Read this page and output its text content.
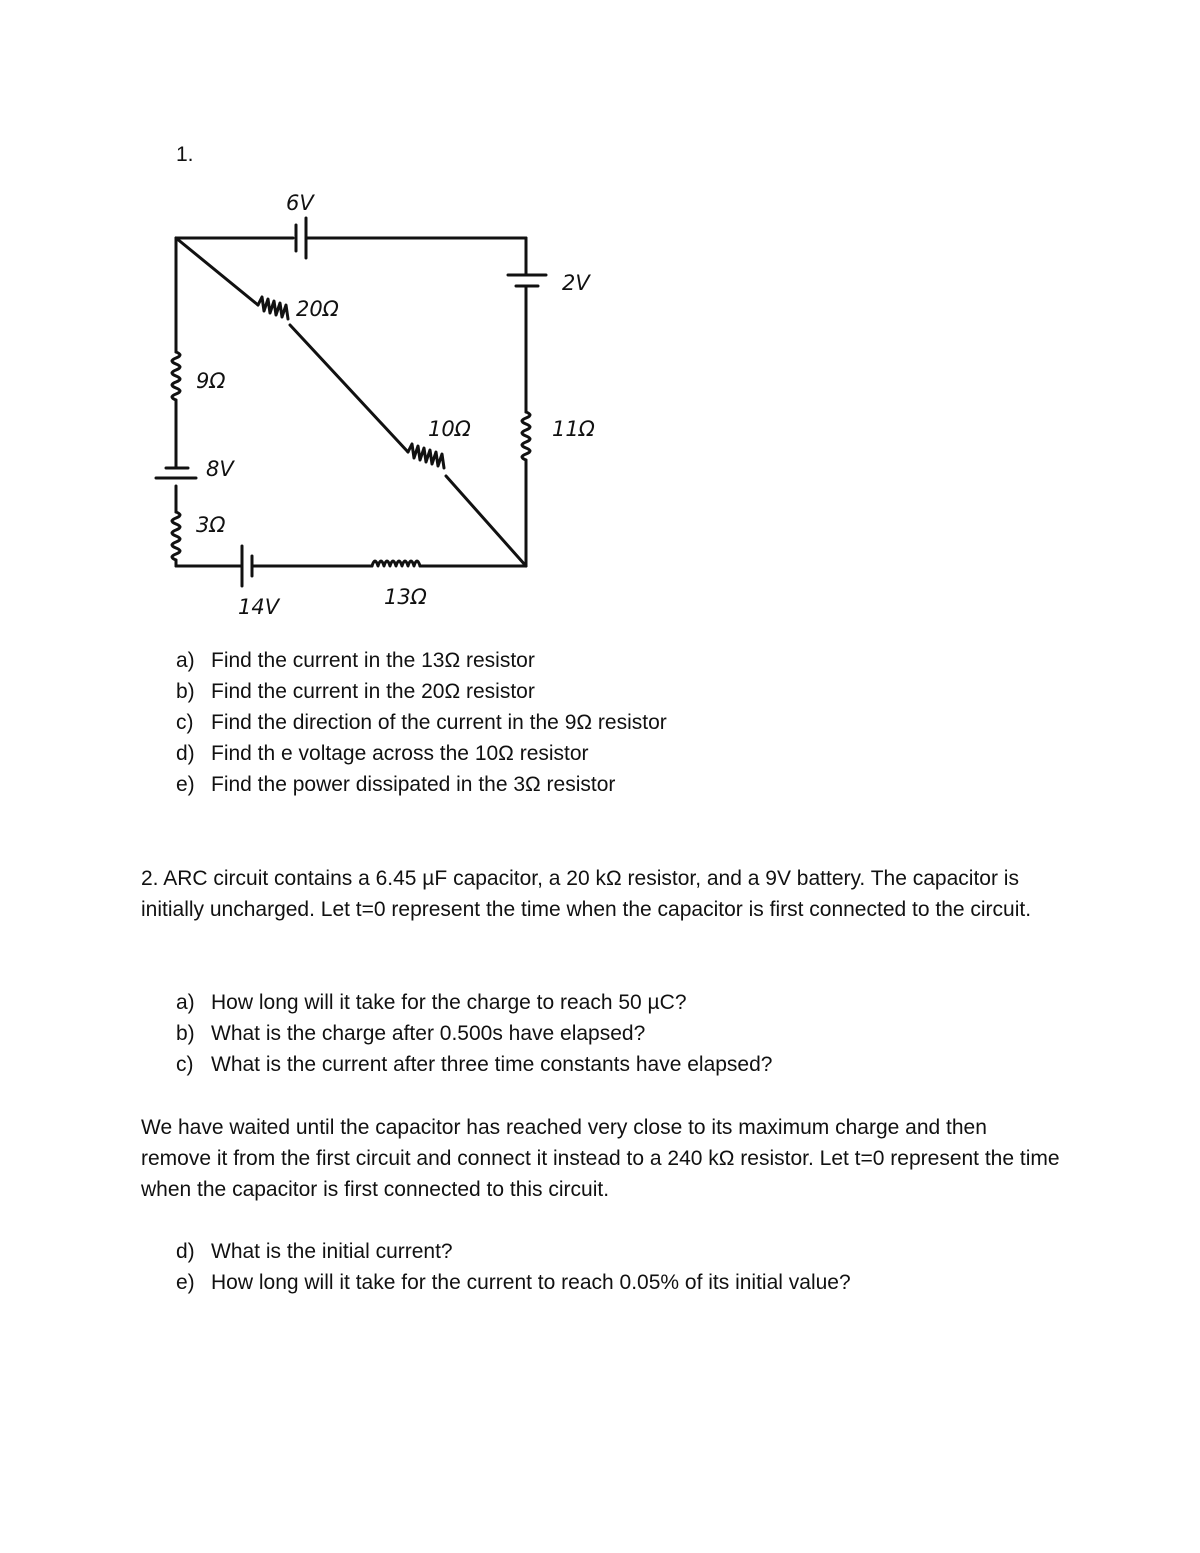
1.
6V
2V
20Ω
9Ω
10Ω	11Ω
8V
3Ω
13Ω
14V
a) Find the current in the 13Ω resistor
b) Find the current in the 20Ω resistor
c) Find the direction of the current in the 9Ω resistor
d) Find th e voltage across the 10Ω resistor
e) Find the power dissipated in the 3Ω resistor
2. ARC circuit contains a 6.45 µF capacitor, a 20 kΩ resistor, and a 9V battery. The capacitor is initially uncharged. Let t=0 represent the time when the capacitor is first connected to the circuit.
a) How long will it take for the charge to reach 50 µC?
b) What is the charge after 0.500s have elapsed?
c) What is the current after three time constants have elapsed?
We have waited until the capacitor has reached very close to its maximum charge and then remove it from the first circuit and connect it instead to a 240 kΩ resistor. Let t=0 represent the time when the capacitor is first connected to this circuit.
d) What is the initial current?
e) How long will it take for the current to reach 0.05% of its initial value?
